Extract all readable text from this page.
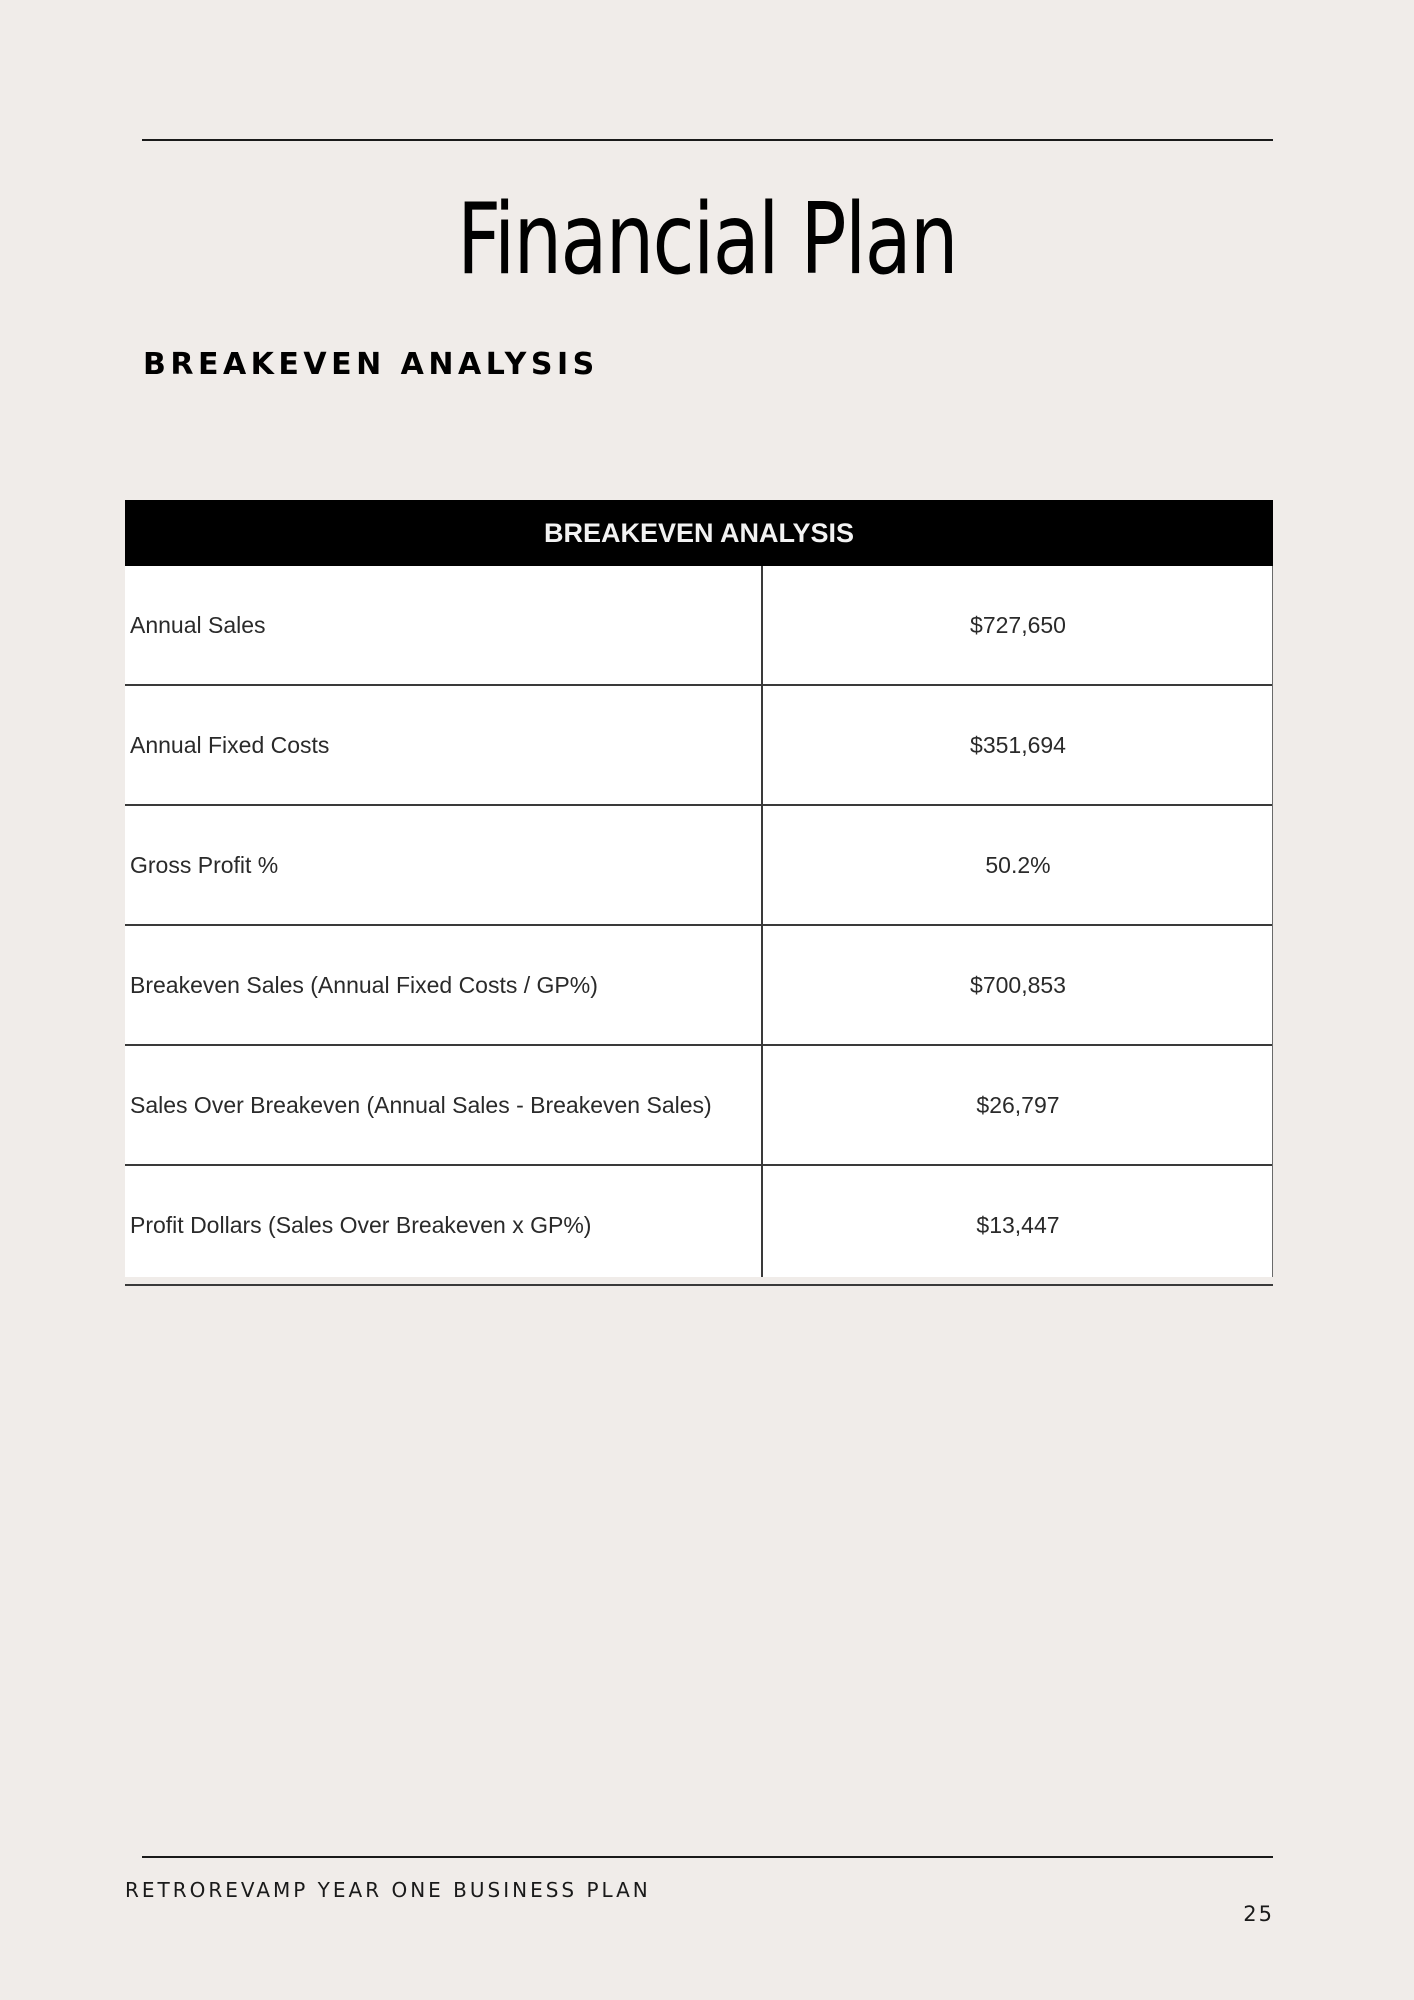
Financial Plan
BREAKEVEN ANALYSIS
BREAKEVEN ANALYSIS
Annual Sales	$727,650
Annual Fixed Costs	$351,694
Gross Profit %	50.2%
Breakeven Sales (Annual Fixed Costs / GP%)	$700,853
Sales Over Breakeven (Annual Sales - Breakeven Sales)	$26,797
Profit Dollars (Sales Over Breakeven x GP%)	$13,447
RETROREVAMP YEAR ONE BUSINESS PLAN
25
